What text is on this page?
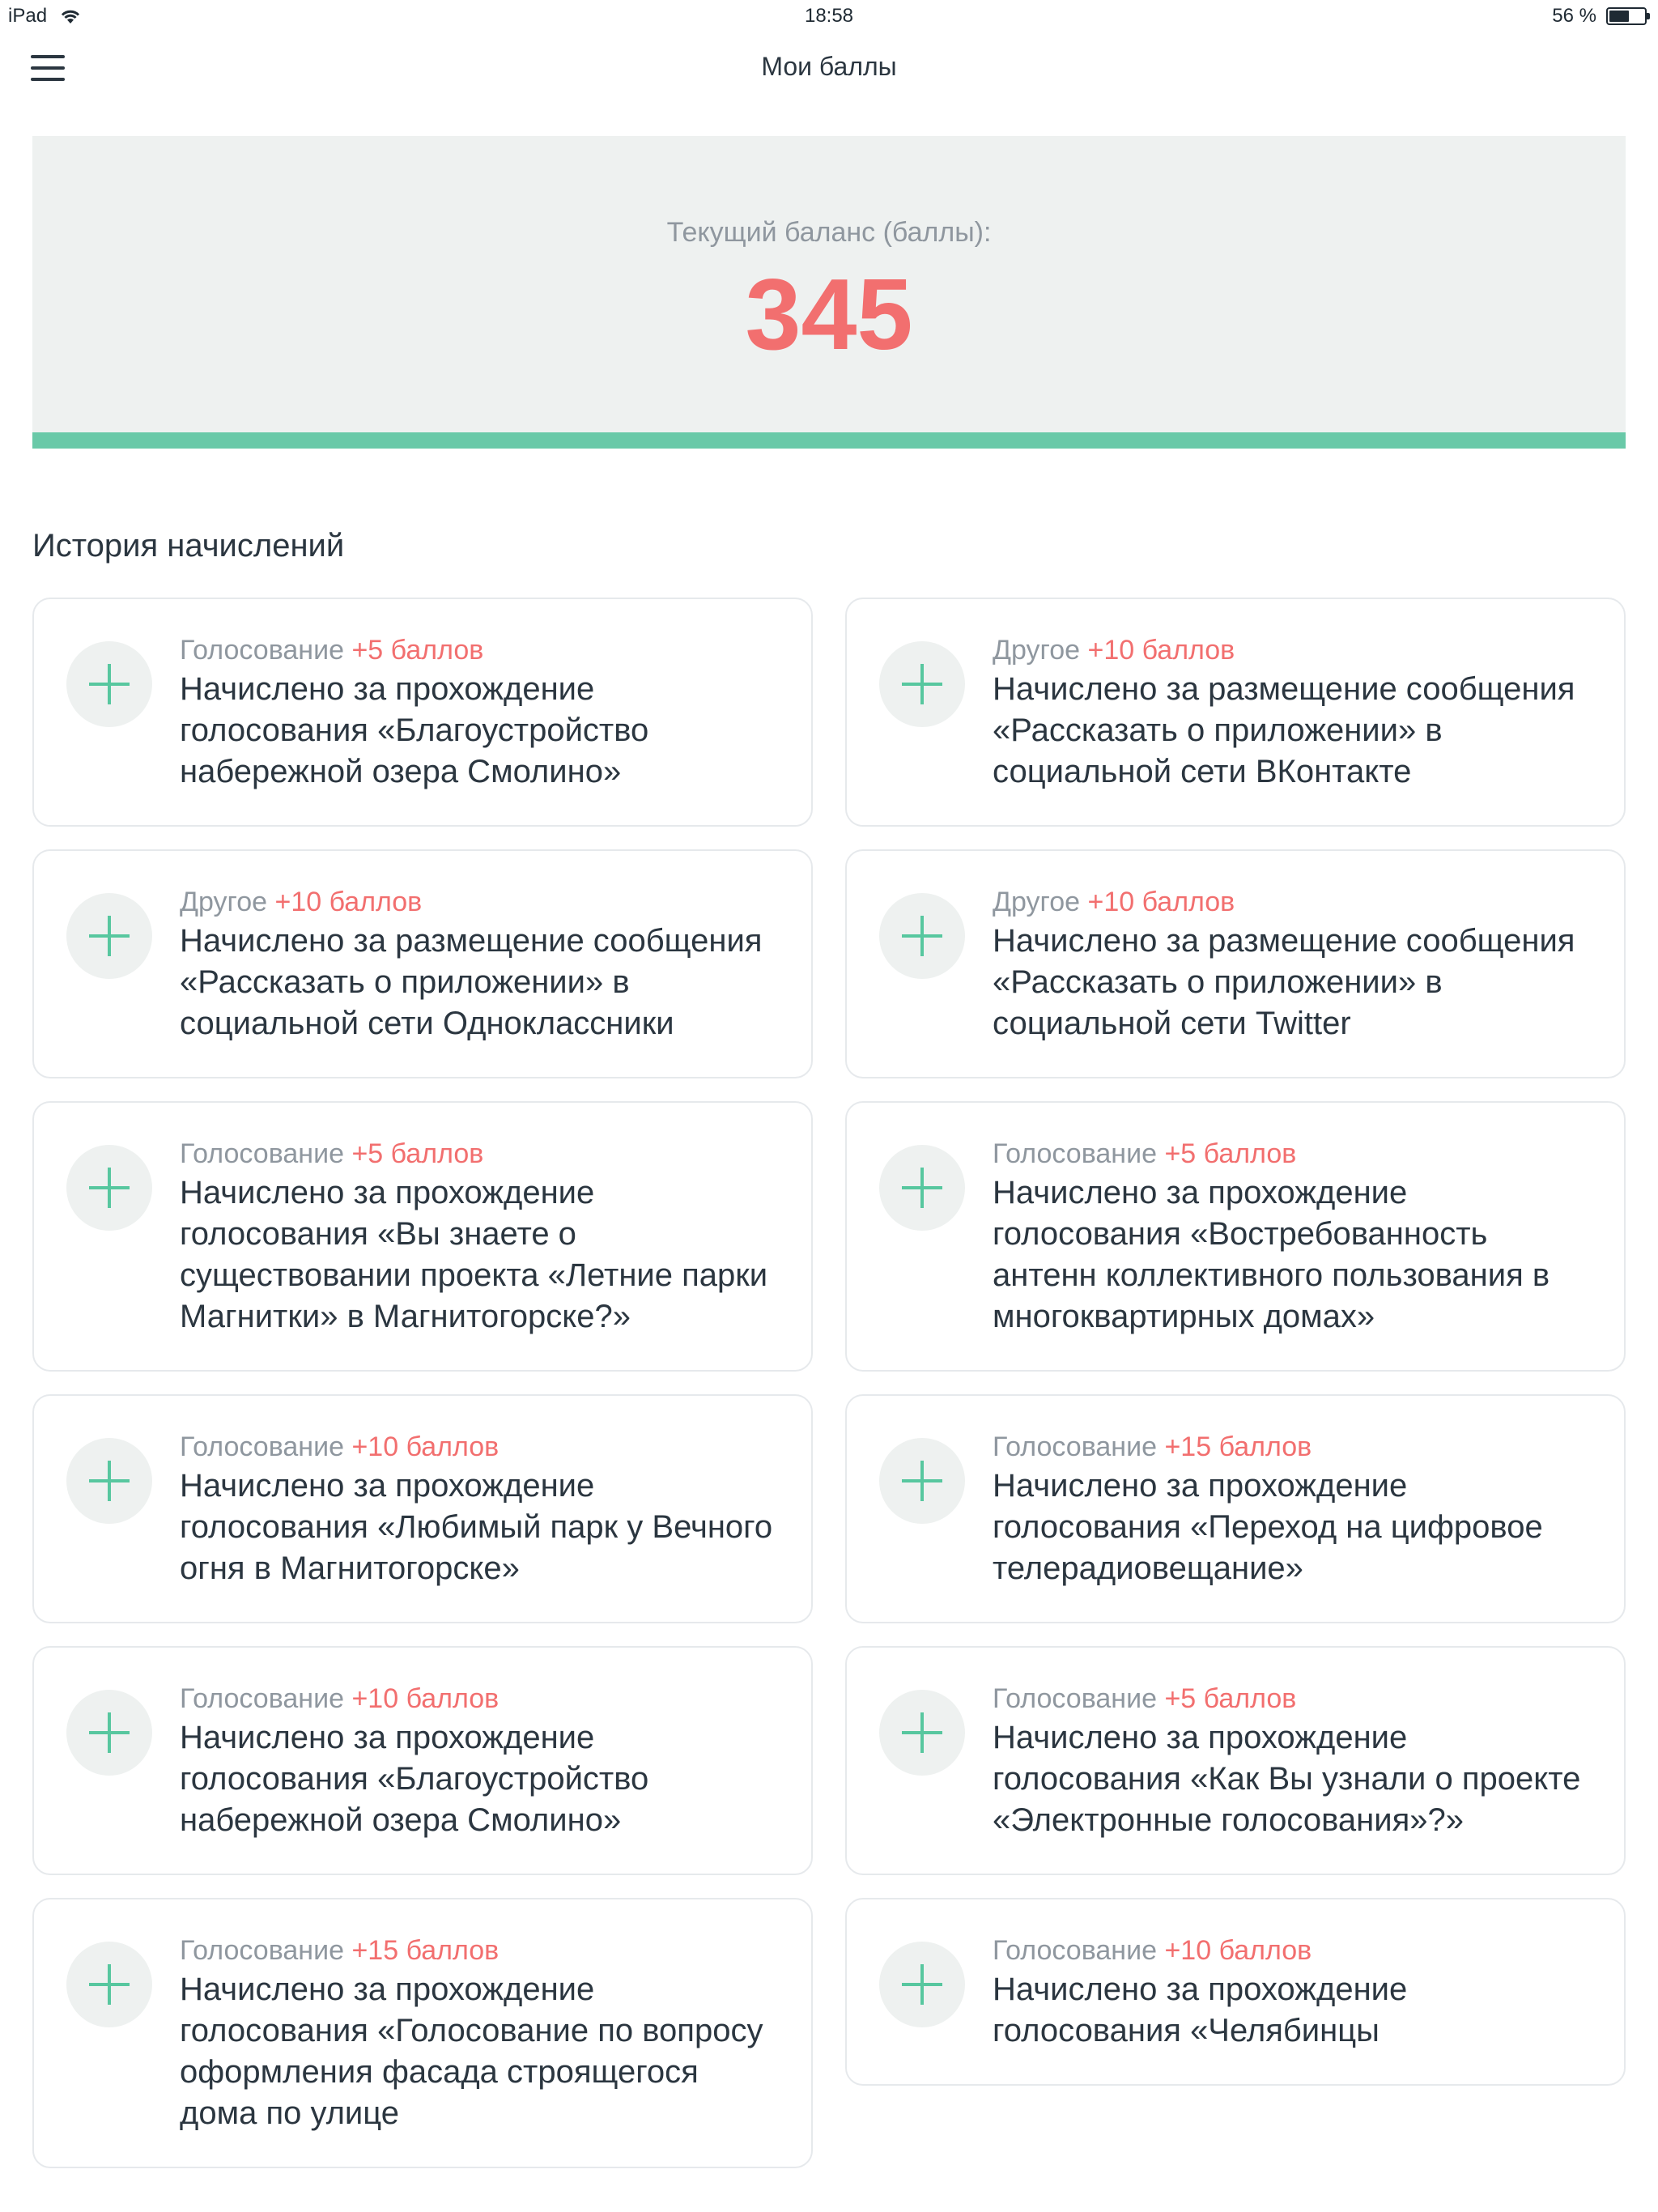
iPad	18:58	56 %
Мои баллы
Текущий баланс (баллы):
345
История начислений
Голосование +5 баллов
Начислено за прохождение голосования «Благоустройство набережной озера Смолино»
Другое +10 баллов
Начислено за размещение сообщения «Рассказать о приложении» в социальной сети Одноклассники
Голосование +5 баллов
Начислено за прохождение голосования «Вы знаете о существовании проекта «Летние парки Магнитки» в Магнитогорске?»
Голосование +10 баллов
Начислено за прохождение голосования «Любимый парк у Вечного огня в Магнитогорске»
Голосование +10 баллов
Начислено за прохождение голосования «Благоустройство набережной озера Смолино»
Голосование +15 баллов
Начислено за прохождение голосования «Голосование по вопросу оформления фасада строящегося дома по улице
Другое +10 баллов
Начислено за размещение сообщения «Рассказать о приложении» в социальной сети ВКонтакте
Другое +10 баллов
Начислено за размещение сообщения «Рассказать о приложении» в социальной сети Twitter
Голосование +5 баллов
Начислено за прохождение голосования «Востребованность антенн коллективного пользования в многоквартирных домах»
Голосование +15 баллов
Начислено за прохождение голосования «Переход на цифровое телерадиовещание»
Голосование +5 баллов
Начислено за прохождение голосования «Как Вы узнали о проекте «Электронные голосования»?»
Голосование +10 баллов
Начислено за прохождение голосования «Челябинцы
